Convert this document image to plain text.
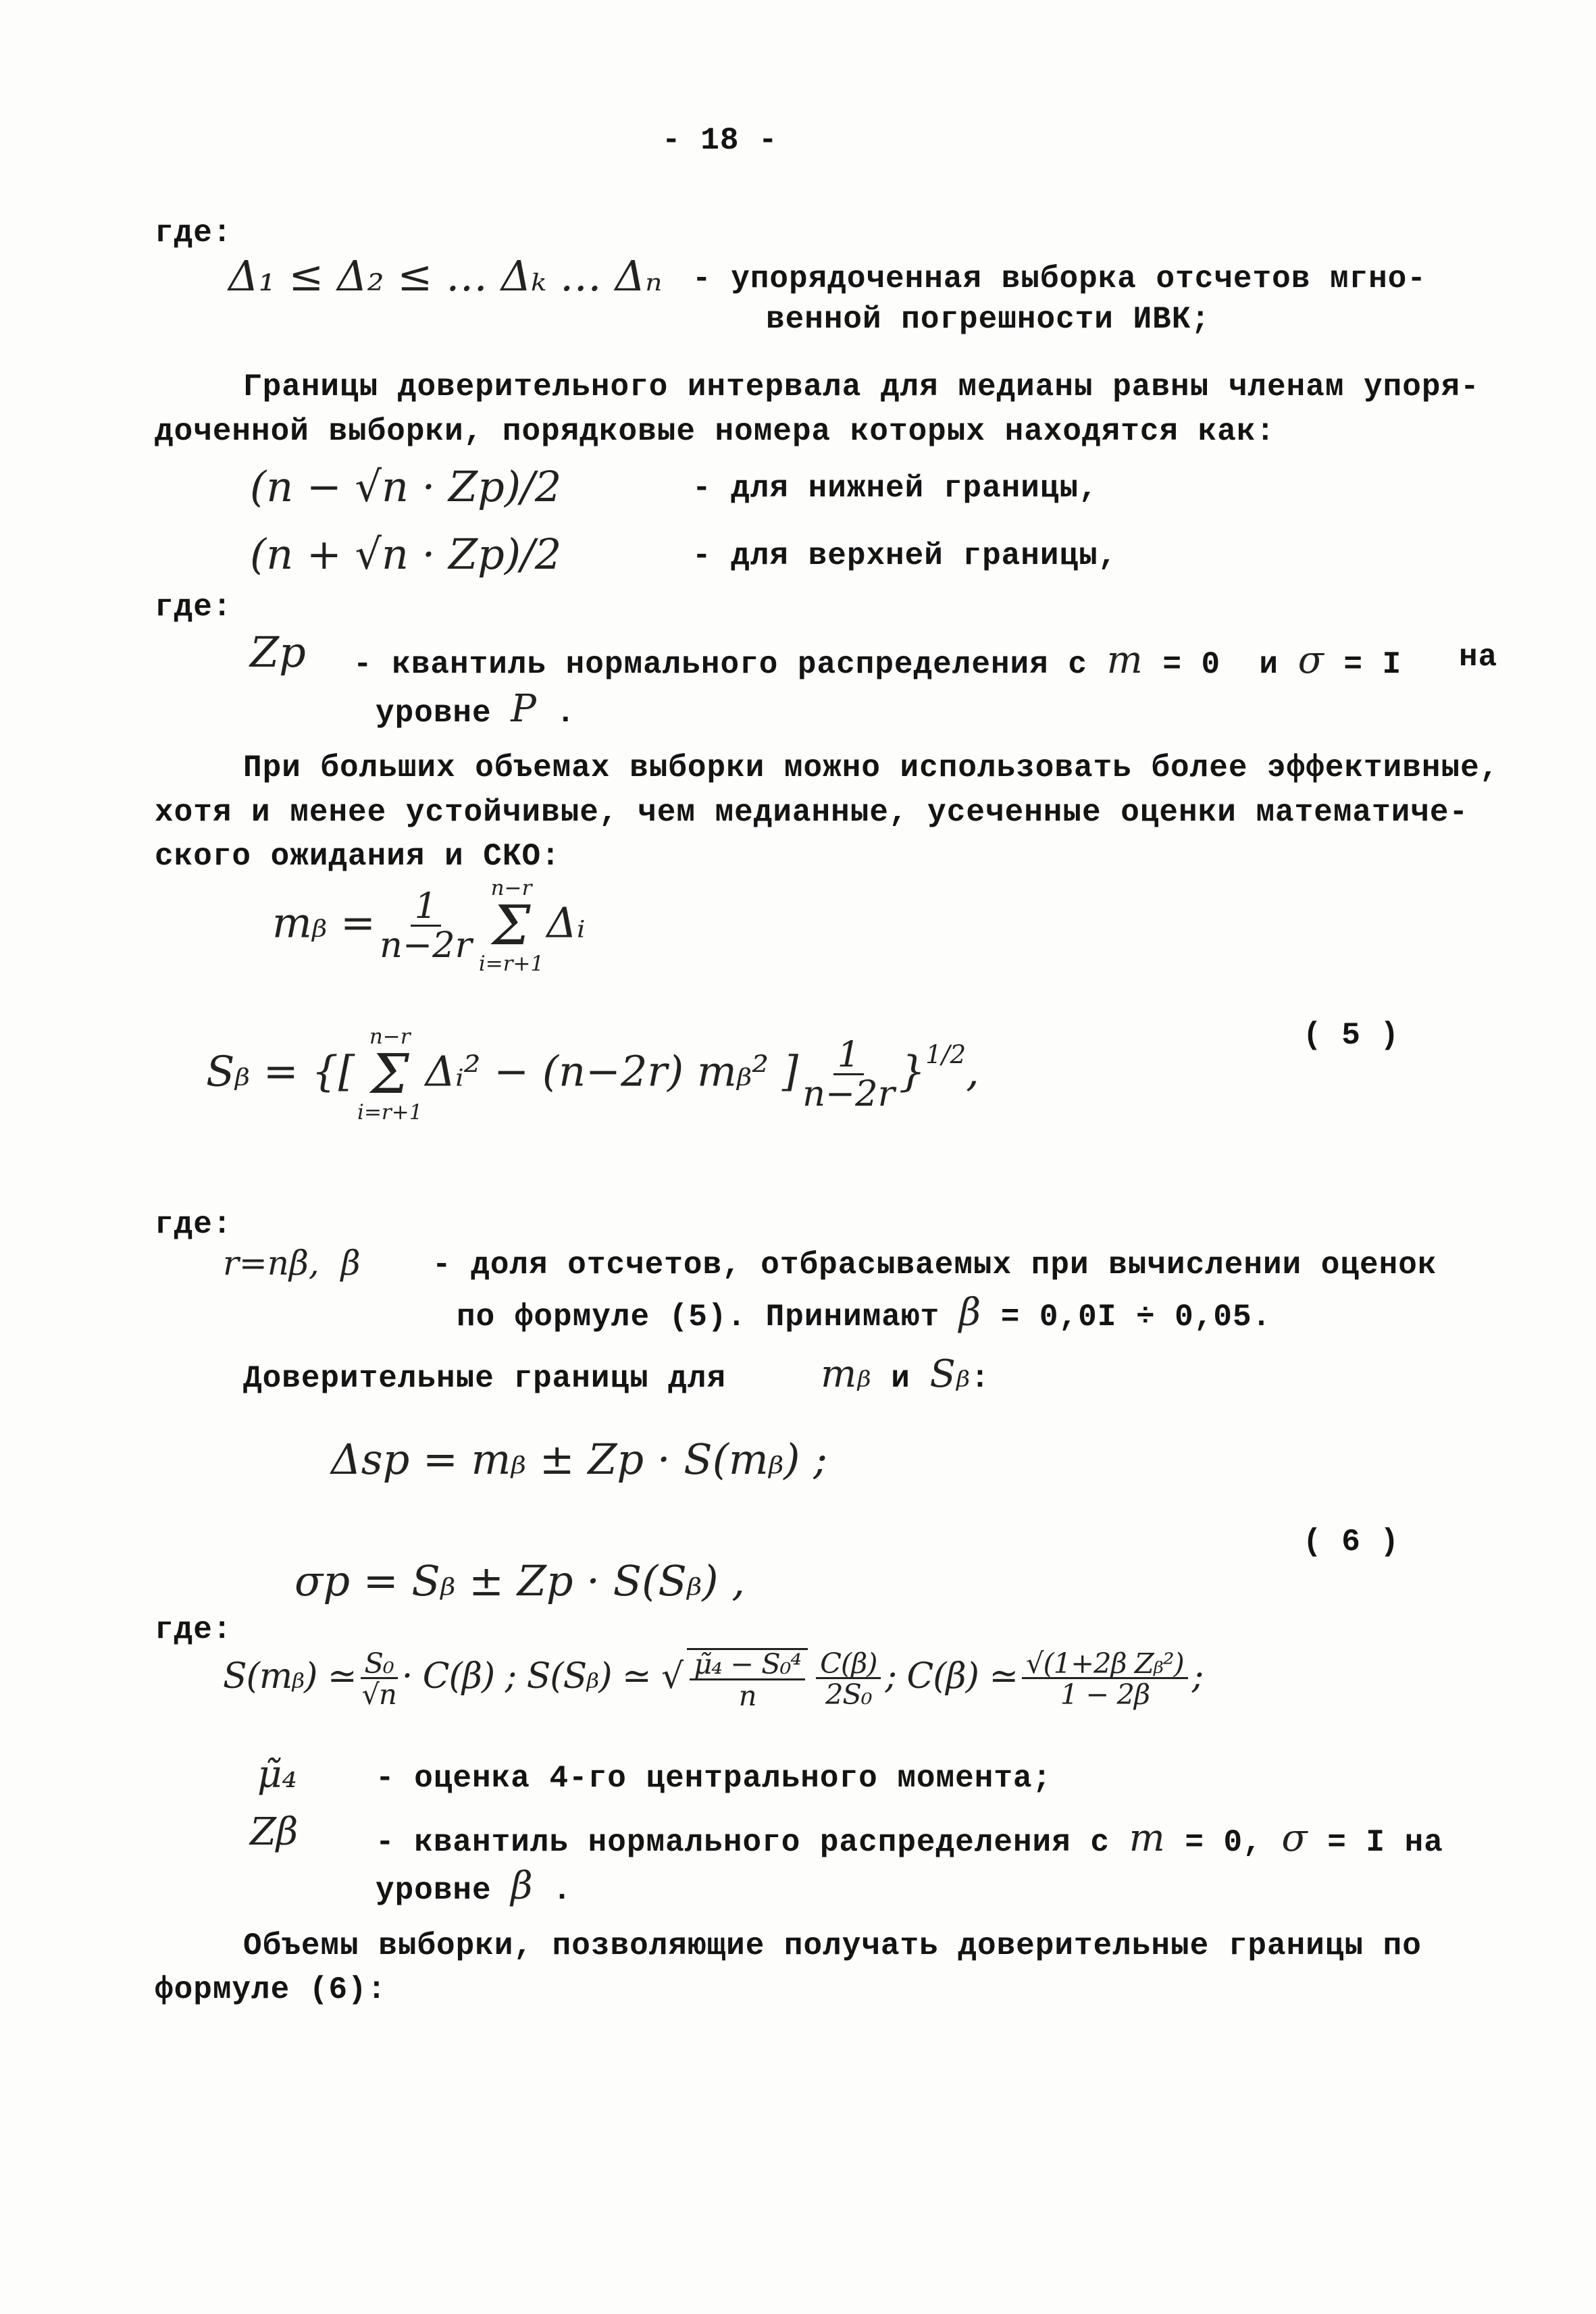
- 18 -
где:
Δ₁ ≤ Δ₂ ≤ … Δₖ … Δₙ - упорядоченная выборка отсчетов мгно-
венной погрешности ИВК;
Границы доверительного интервала для медианы равны членам упоря-
доченной выборки, порядковые номера которых находятся как:
(n − √n · Zp)/2	- для нижней границы,
(n + √n · Zp)/2	- для верхней границы,
где:
Zp - квантиль нормального распределения с m = 0  и σ = I на
уровне P .
При больших объемах выборки можно использовать более эффективные,
хотя и менее устойчивые, чем медианные, усеченные оценки математиче-
ского ожидания и СКО:
mᵦ = $\frac{1}{n-2r}$
n−r
Σ
i=r+1
Δᵢ
( 5 )
Sᵦ = {[
n−r
Σ
i=r+1
Δᵢ² − (n−2r) mᵦ² ] $\frac{1}{n-2r} \}^{1/2}$,
где:
r=nβ,  β - доля отсчетов, отбрасываемых при вычислении оценок
по формуле (5). Принимают β = 0,0I ÷ 0,05.
Доверительные границы для	mᵦ и Sᵦ:
Δsp = mᵦ ± Zp · S(mᵦ) ;
( 6 )
σp = Sᵦ ± Zp · S(Sᵦ) ,
где:
S(mᵦ) ≃ $\frac{\text{S₀}}{√n} \cdot C(\beta)$ ; S(Sᵦ) ≃ √ $\frac{\text{μ̃₄ − S₀⁴}}{n} \frac{C(\beta)}{\text{2S₀}}$ ; C(β) ≃ $\frac{\text{√(1+2β Zᵦ²)}}{1 - 2\beta}$ ;
μ̃₄	- оценка 4-го центрального момента;
Zβ - квантиль нормального распределения с m = 0, σ = I на
уровне β .
Объемы выборки, позволяющие получать доверительные границы по
формуле (6):
